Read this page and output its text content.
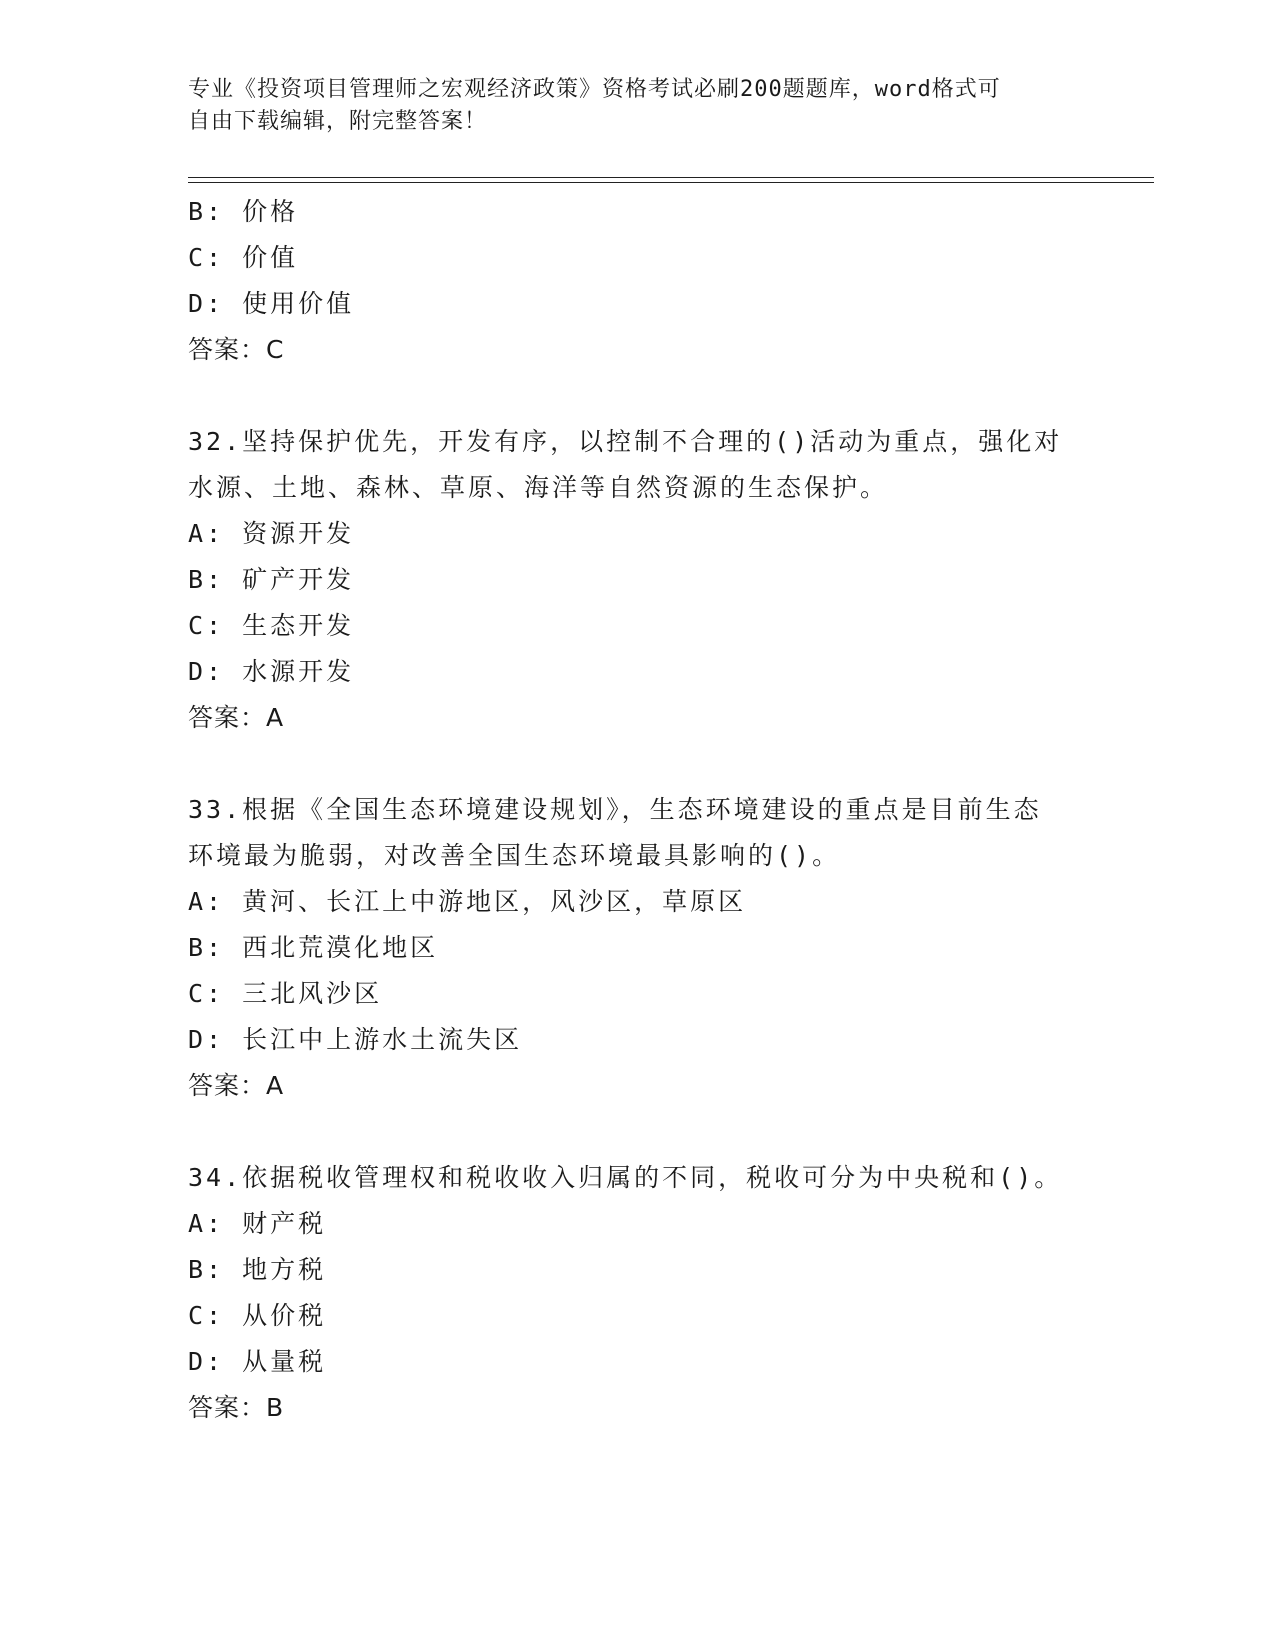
专业《投资项目管理师之宏观经济政策》资格考试必刷200题题库，word格式可
自由下载编辑，附完整答案！
B: 价格
C: 价值
D: 使用价值
答案：C
32.坚持保护优先，开发有序，以控制不合理的()活动为重点，强化对
水源、土地、森林、草原、海洋等自然资源的生态保护。
A: 资源开发
B: 矿产开发
C: 生态开发
D: 水源开发
答案：A
33.根据《全国生态环境建设规划》，生态环境建设的重点是目前生态
环境最为脆弱，对改善全国生态环境最具影响的()。
A: 黄河、长江上中游地区，风沙区，草原区
B: 西北荒漠化地区
C: 三北风沙区
D: 长江中上游水土流失区
答案：A
34.依据税收管理权和税收收入归属的不同，税收可分为中央税和()。
A: 财产税
B: 地方税
C: 从价税
D: 从量税
答案：B
